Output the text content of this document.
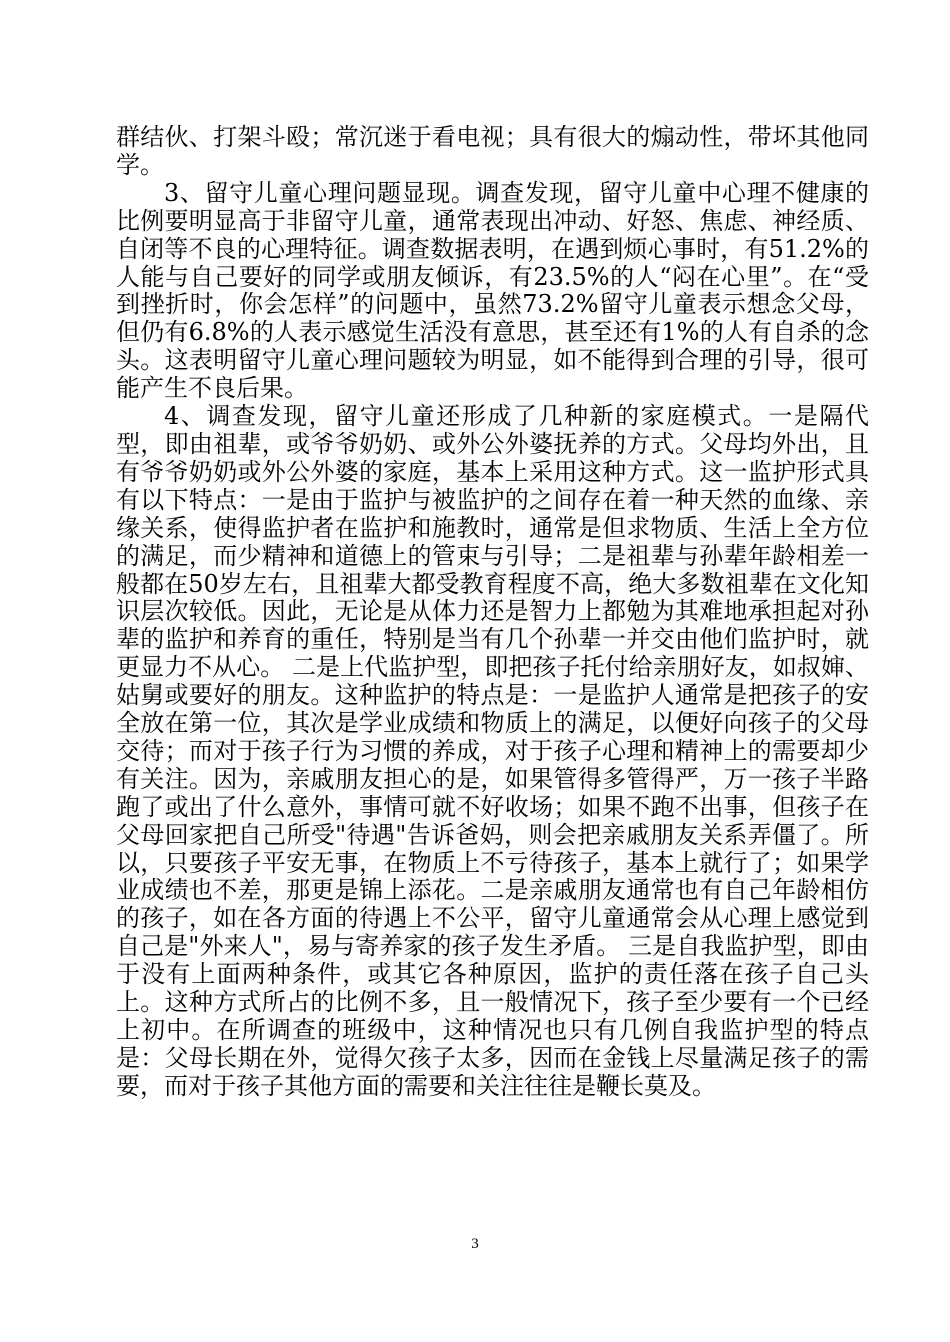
群结伙、打架斗殴；常沉迷于看电视；具有很大的煽动性，带坏其他同学。

3、留守儿童心理问题显现。调查发现，留守儿童中心理不健康的比例要明显高于非留守儿童，通常表现出冲动、好怒、焦虑、神经质、自闭等不良的心理特征。调查数据表明，在遇到烦心事时，有51.2%的人能与自己要好的同学或朋友倾诉，有23.5%的人“闷在心里”。在“受到挫折时，你会怎样”的问题中，虽然73.2%留守儿童表示想念父母，但仍有6.8%的人表示感觉生活没有意思，甚至还有1%的人有自杀的念头。这表明留守儿童心理问题较为明显，如不能得到合理的引导，很可能产生不良后果。

4、调查发现，留守儿童还形成了几种新的家庭模式。一是隔代型，即由祖辈，或爷爷奶奶、或外公外婆抚养的方式。父母均外出，且有爷爷奶奶或外公外婆的家庭，基本上采用这种方式。这一监护形式具有以下特点：一是由于监护与被监护的之间存在着一种天然的血缘、亲缘关系，使得监护者在监护和施教时，通常是但求物质、生活上全方位的满足，而少精神和道德上的管束与引导；二是祖辈与孙辈年龄相差一般都在50岁左右，且祖辈大都受教育程度不高，绝大多数祖辈在文化知识层次较低。因此，无论是从体力还是智力上都勉为其难地承担起对孙辈的监护和养育的重任，特别是当有几个孙辈一并交由他们监护时，就更显力不从心。 二是上代监护型，即把孩子托付给亲朋好友，如叔婶、姑舅或要好的朋友。这种监护的特点是：一是监护人通常是把孩子的安全放在第一位，其次是学业成绩和物质上的满足，以便好向孩子的父母交待；而对于孩子行为习惯的养成，对于孩子心理和精神上的需要却少有关注。因为，亲戚朋友担心的是，如果管得多管得严，万一孩子半路跑了或出了什么意外，事情可就不好收场；如果不跑不出事，但孩子在父母回家把自己所受"待遇"告诉爸妈，则会把亲戚朋友关系弄僵了。所以，只要孩子平安无事，在物质上不亏待孩子，基本上就行了；如果学业成绩也不差，那更是锦上添花。二是亲戚朋友通常也有自己年龄相仿的孩子，如在各方面的待遇上不公平，留守儿童通常会从心理上感觉到自己是"外来人"，易与寄养家的孩子发生矛盾。 三是自我监护型，即由于没有上面两种条件，或其它各种原因，监护的责任落在孩子自己头上。这种方式所占的比例不多，且一般情况下，孩子至少要有一个已经上初中。在所调查的班级中，这种情况也只有几例自我监护型的特点是：父母长期在外，觉得欠孩子太多，因而在金钱上尽量满足孩子的需要，而对于孩子其他方面的需要和关注往往是鞭长莫及。

3
